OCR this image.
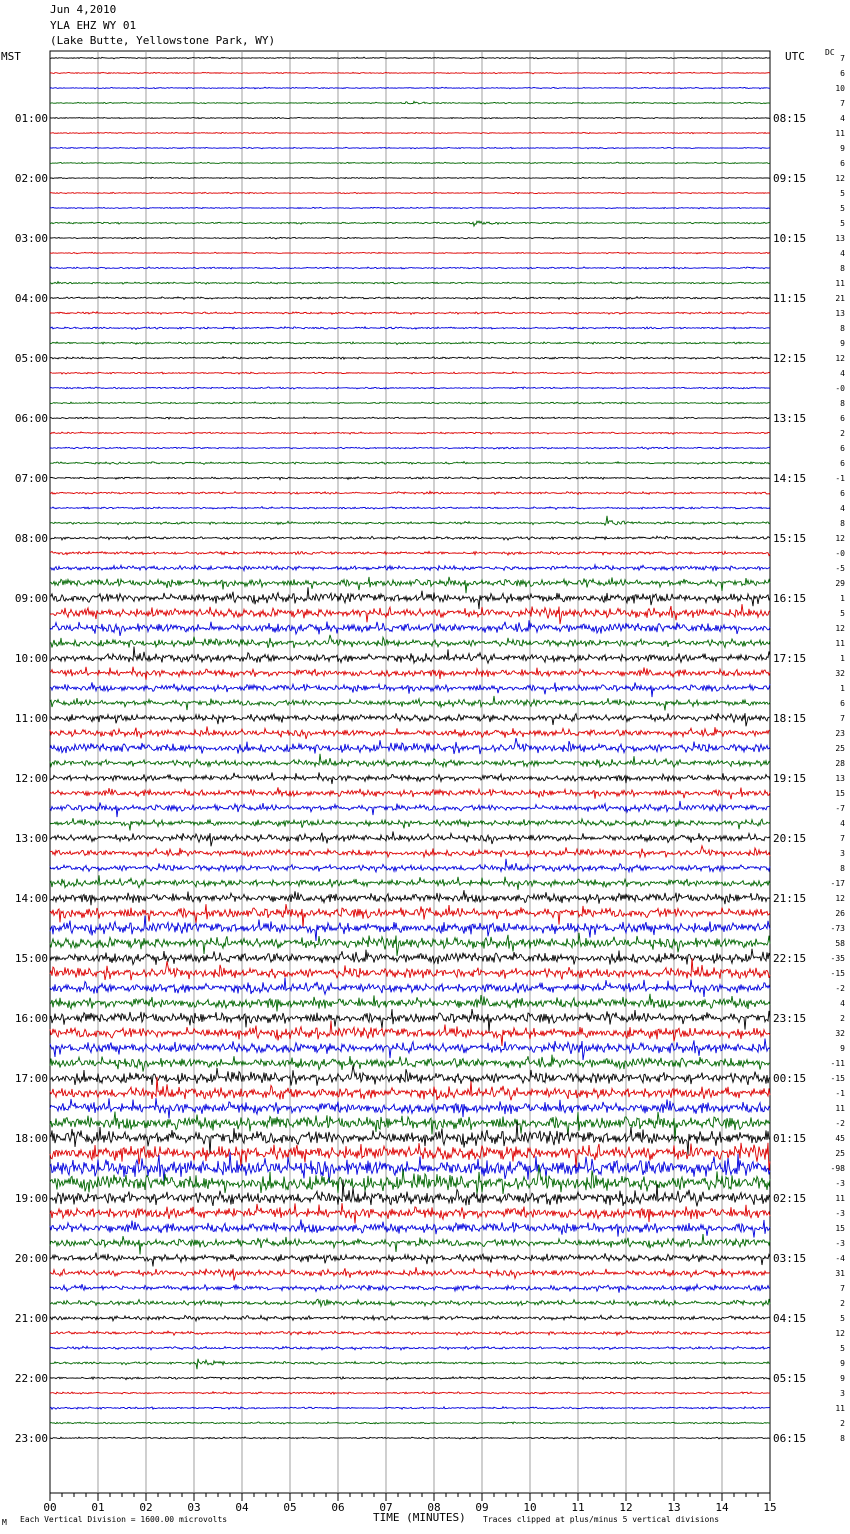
7
6
10
7
4
11
9
6
12
5
5
5
13
4
8
11
21
13
8
9
12
4
-0
8
6
2
6
6
-1
6
4
8
12
-0
-5
29
1
5
12
11
1
32
1
6
7
23
25
28
13
15
-7
4
7
3
8
-17
12
26
-73
58
-35
-15
-2
4
2
32
9
-11
-15
-1
11
-2
45
25
-98
-3
11
-3
15
-3
-4
31
7
2
5
12
5
9
9
3
11
2
8
01:00
02:00
03:00
04:00
05:00
06:00
07:00
08:00
09:00
10:00
11:00
12:00
13:00
14:00
15:00
16:00
17:00
18:00
19:00
20:00
21:00
22:00
23:00
08:15
09:15
10:15
11:15
12:15
13:15
14:15
15:15
16:15
17:15
18:15
19:15
20:15
21:15
22:15
23:15
00:15
01:15
02:15
03:15
04:15
05:15
06:15
00	01	02	03	04	05	06	07	08	09	10	11	12	13	14	15
Jun 4,2010
YLA EHZ WY 01
(Lake Butte, Yellowstone Park, WY)
MST	UTC	DC
M Each Vertical Division = 1600.00 microvolts	TIME (MINUTES) Traces clipped at plus/minus 5 vertical divisions
